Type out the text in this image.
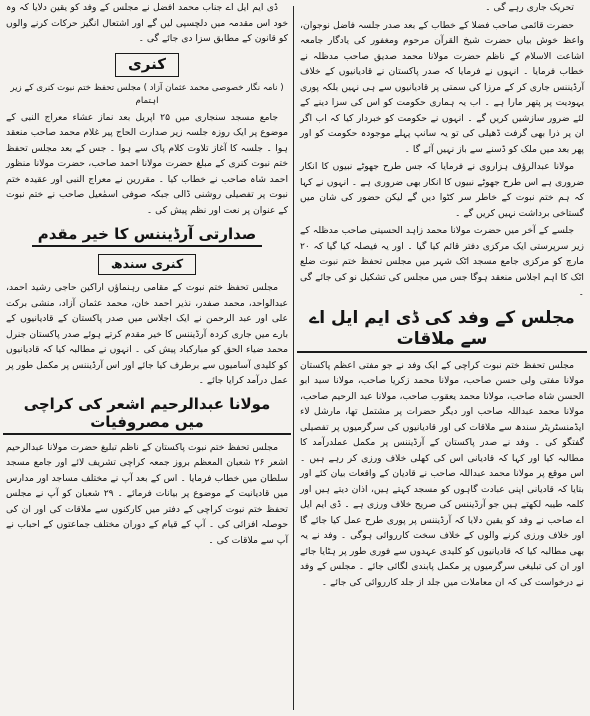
تحریک جاری رہے گی ۔

حضرت قائمی صاحب فضلا کے خطاب کے بعد صدر جلسہ فاضل نوجوان، واعظ خوش بیاں حضرت شیخ القرآن مرحوم ومغفور کی یادگار جامعہ اشاعت الاسلام کے ناظم حضرت مولانا محمد صدیق صاحب مدظلہ نے خطاب فرمایا ۔ انہوں نے فرمایا کہ صدر پاکستان نے قادیانیوں کے خلاف آرڈیننس جاری کر کے مرزا کی سمتی پر قادیانیوں سے ہی نہیں بلکہ پوری یہودیت پر پتھر مارا ہے ۔ اب یہ ہماری حکومت کو اس کی سزا دینے کے لئے ضرور سازشیں کریں گے ۔ انہوں نے حکومت کو خبردار کیا کہ اب اگر ان پر ذرا بھی گرفت ڈھیلی کی تو یہ سانپ پہلے موجودہ حکومت کو اور پھر بعد میں ملک کو ڈسنے سے باز نہیں آئے گا ۔

مولانا عبدالرؤف ہزاروی نے فرمایا کہ جس طرح جھوٹے نبیوں کا انکار ضروری ہے اس طرح جھوٹے نبیوں کا انکار بھی ضروری ہے ۔ انہوں نے کہا کہ ہم ختم نبوت کے خاطر سر کٹوا دیں گے لیکن حضور کی شان میں گستاخی برداشت نہیں کریں گے ۔

جلسے کے آخر میں حضرت مولانا محمد زاہد الحسینی صاحب مدظلہ کے زیر سرپرستی ایک مرکزی دفتر قائم کیا گیا ۔ اور یہ فیصلہ کیا گیا کہ ۲۰ مارچ کو مرکزی جامع مسجد اٹک شہر میں مجلس تحفظ ختم نبوت ضلع اٹک کا اہم اجلاس منعقد ہوگا جس میں مجلس کی تشکیل نو کی جائے گی ۔

مجلس کے وفد کی ڈی ایم ایل اے سے ملاقات

مجلس تحفظ ختم نبوت کراچی کے ایک وفد نے جو مفتی اعظم پاکستان مولانا مفتی ولی حسن صاحب، مولانا محمد زکریا صاحب، مولانا سید ابو الحسن شاہ صاحب، مولانا محمد یعقوب صاحب، مولانا عبد الرحیم صاحب، مولانا محمد عبداللہ صاحب اور دیگر حضرات پر مشتمل تھا، مارشل لاء ایڈمنسٹریٹر سندھ سے ملاقات کی اور قادیانیوں کی سرگرمیوں پر تفصیلی گفتگو کی ۔ وفد نے صدر پاکستان کے آرڈیننس پر مکمل عملدرآمد کا مطالبہ کیا اور کہا کہ قادیانی اس کی کھلی خلاف ورزی کر رہے ہیں ۔ اس موقع پر مولانا محمد عبداللہ صاحب نے قادیان کے واقعات بیان کئے اور بتایا کہ قادیانی اپنی عبادت گاہوں کو مسجد کہتے ہیں، اذان دیتے ہیں اور کلمہ طیبہ لکھتے ہیں جو آرڈیننس کی صریح خلاف ورزی ہے ۔ ڈی ایم ایل اے صاحب نے وفد کو یقین دلایا کہ آرڈیننس پر پوری طرح عمل کیا جائے گا اور خلاف ورزی کرنے والوں کے خلاف سخت کارروائی ہوگی ۔ وفد نے یہ بھی مطالبہ کیا کہ قادیانیوں کو کلیدی عہدوں سے فوری طور پر ہٹایا جائے اور ان کی تبلیغی سرگرمیوں پر مکمل پابندی لگائی جائے ۔ مجلس کے وفد نے درخواست کی کہ ان معاملات میں جلد از جلد کارروائی کی جائے ۔

ڈی ایم ایل اے جناب محمد افضل نے مجلس کے وفد کو یقین دلایا کہ وہ خود اس مقدمہ میں دلچسپی لیں گے اور اشتعال انگیز حرکات کرنے والوں کو قانون کے مطابق سزا دی جائے گی ۔

کنری

( نامہ نگار خصوصی محمد عثمان آزاد ) مجلس تحفظ ختم نبوت کنری کے زیر اہتمام

جامع مسجد سنجاری میں ۲۵ اپریل بعد نماز عشاء معراج النبی کے موضوع پر ایک روزہ جلسہ زیر صدارت الحاج پیر غلام محمد صاحب منعقد ہوا ۔ جلسہ کا آغاز تلاوت کلام پاک سے ہوا ۔ جس کے بعد مجلس تحفظ ختم نبوت کنری کے مبلغ حضرت مولانا احمد صاحب، حضرت مولانا منظور احمد شاہ صاحب نے خطاب کیا ۔ مقررین نے معراج النبی اور عقیدہ ختم نبوت پر تفصیلی روشنی ڈالی جبکہ صوفی اسمٰعیل صاحب نے ختم نبوت کے عنوان پر نعت اور نظم پیش کی ۔

صدارتی آرڈیننس کا خیر مقدم
کنری سندھ

مجلس تحفظ ختم نبوت کے مقامی رہنماؤں اراکین حاجی رشید احمد، عبدالواحد، محمد صفدر، نذیر احمد خان، محمد عثمان آزاد، منشی برکت علی اور عبد الرحمن نے ایک اجلاس میں صدر پاکستان کے قادیانیوں کے بارے میں جاری کردہ آرڈیننس کا خیر مقدم کرتے ہوئے صدر پاکستان جنرل محمد ضیاء الحق کو مبارکباد پیش کی ۔ انہوں نے مطالبہ کیا کہ قادیانیوں کو کلیدی آسامیوں سے برطرف کیا جائے اور اس آرڈیننس پر مکمل طور پر عمل درآمد کرایا جائے ۔

مولانا عبدالرحیم اشعر کی کراچی میں مصروفیات

مجلس تحفظ ختم نبوت پاکستان کے ناظم تبلیغ حضرت مولانا عبدالرحیم اشعر ۲۶ شعبان المعظم بروز جمعہ کراچی تشریف لائے اور جامع مسجد سلطان میں خطاب فرمایا ۔ اس کے بعد آپ نے مختلف مساجد اور مدارس میں قادیانیت کے موضوع پر بیانات فرمائے ۔ ۲۹ شعبان کو آپ نے مجلس تحفظ ختم نبوت کراچی کے دفتر میں کارکنوں سے ملاقات کی اور ان کی حوصلہ افزائی کی ۔ آپ کے قیام کے دوران مختلف جماعتوں کے احباب نے آپ سے ملاقات کی ۔
